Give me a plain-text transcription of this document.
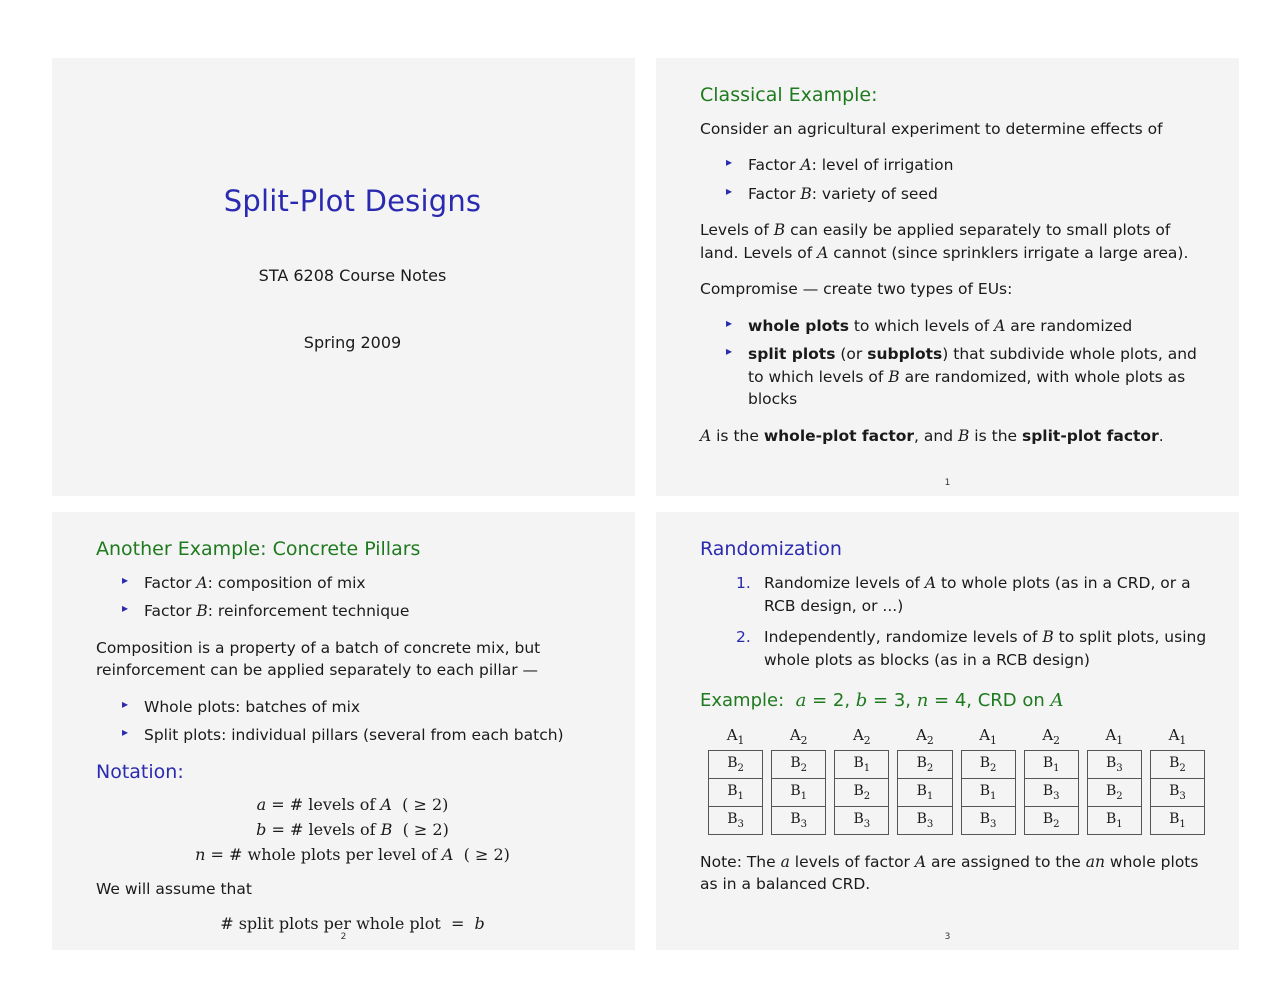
Split-Plot Designs
STA 6208 Course Notes
Spring 2009
Classical Example:

Consider an agricultural experiment to determine effects of

▸ Factor A: level of irrigation
▸ Factor B: variety of seed

Levels of B can easily be applied separately to small plots of land. Levels of A cannot (since sprinklers irrigate a large area).

Compromise — create two types of EUs:

▸ whole plots to which levels of A are randomized
▸ split plots (or subplots) that subdivide whole plots, and to which levels of B are randomized, with whole plots as blocks

A is the whole-plot factor, and B is the split-plot factor.

1
Another Example: Concrete Pillars
▸ Factor A: composition of mix
▸ Factor B: reinforcement technique

Composition is a property of a batch of concrete mix, but reinforcement can be applied separately to each pillar —

▸ Whole plots: batches of mix
▸ Split plots: individual pillars (several from each batch)
Notation:
a = # levels of A  ( ≥ 2)
b = # levels of B  ( ≥ 2)
n = # whole plots per level of A  ( ≥ 2)

We will assume that

# split plots per whole plot  =  b
2
Randomization
Randomize levels of A to whole plots (as in a CRD, or a RCB design, or ...)
Independently, randomize levels of B to split plots, using whole plots as blocks (as in a RCB design)
Example:  a = 2, b = 3, n = 4, CRD on A
$A_1$	$A_2$	$A_2$	$A_2$	$A_1$	$A_2$	$A_1$	$A_1$
$B_2$	$B_2$	$B_1$	$B_2$	$B_2$	$B_1$	$B_3$	$B_2$
$B_1$	$B_1$	$B_2$	$B_1$	$B_1$	$B_3$	$B_2$	$B_3$
$B_3$	$B_3$	$B_3$	$B_3$	$B_3$	$B_2$	$B_1$	$B_1$

Note: The a levels of factor A are assigned to the an whole plots as in a balanced CRD.

3
